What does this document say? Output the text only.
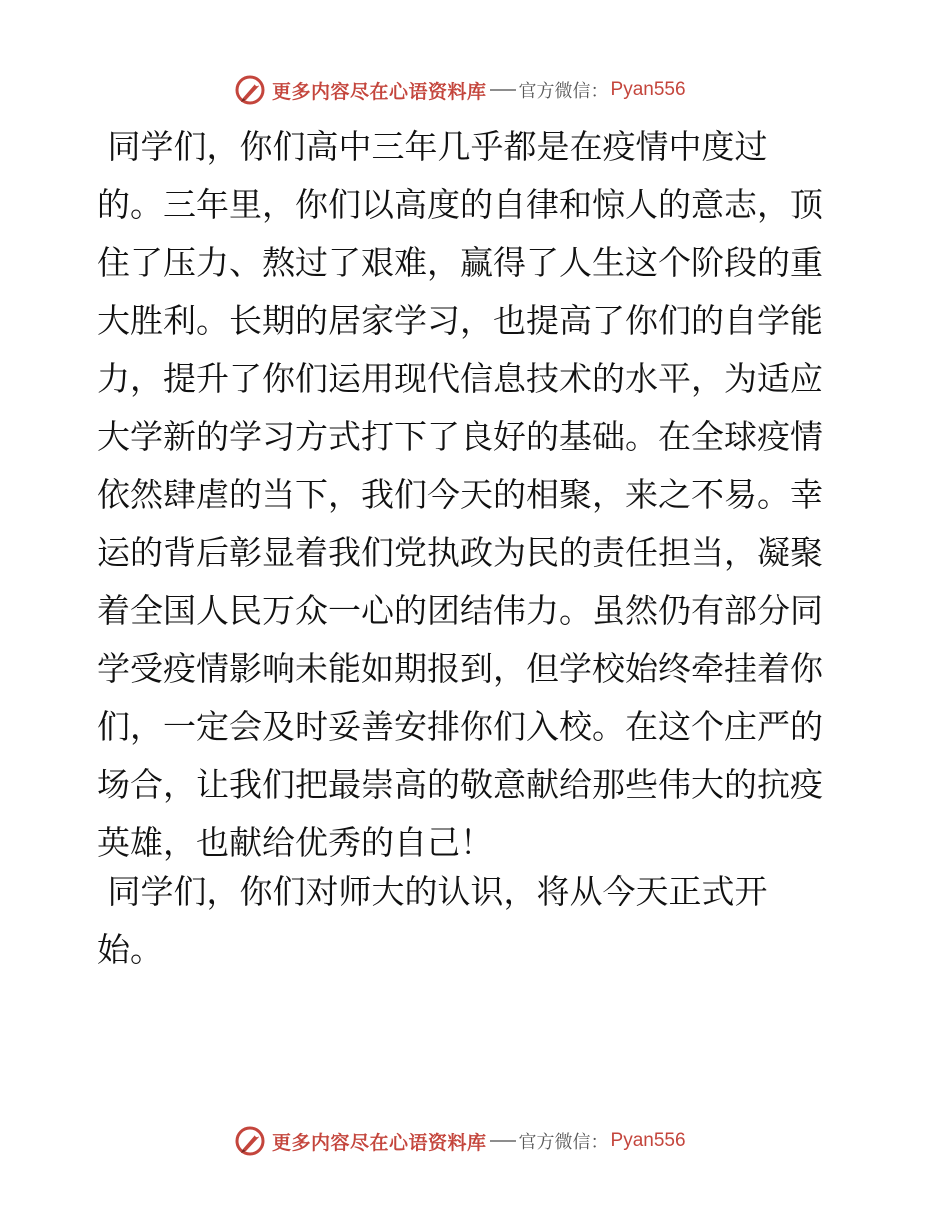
更多内容尽在心语资料库 官方微信： Pyan556
同学们，你们高中三年几乎都是在疫情中度过
的。三年里，你们以高度的自律和惊人的意志，顶
住了压力、熬过了艰难，赢得了人生这个阶段的重
大胜利。长期的居家学习，也提高了你们的自学能
力，提升了你们运用现代信息技术的水平，为适应
大学新的学习方式打下了良好的基础。在全球疫情
依然肆虐的当下，我们今天的相聚，来之不易。幸
运的背后彰显着我们党执政为民的责任担当，凝聚
着全国人民万众一心的团结伟力。虽然仍有部分同
学受疫情影响未能如期报到，但学校始终牵挂着你
们，一定会及时妥善安排你们入校。在这个庄严的
场合，让我们把最崇高的敬意献给那些伟大的抗疫
英雄，也献给优秀的自己！
同学们，你们对师大的认识，将从今天正式开
始。
更多内容尽在心语资料库 官方微信： Pyan556
